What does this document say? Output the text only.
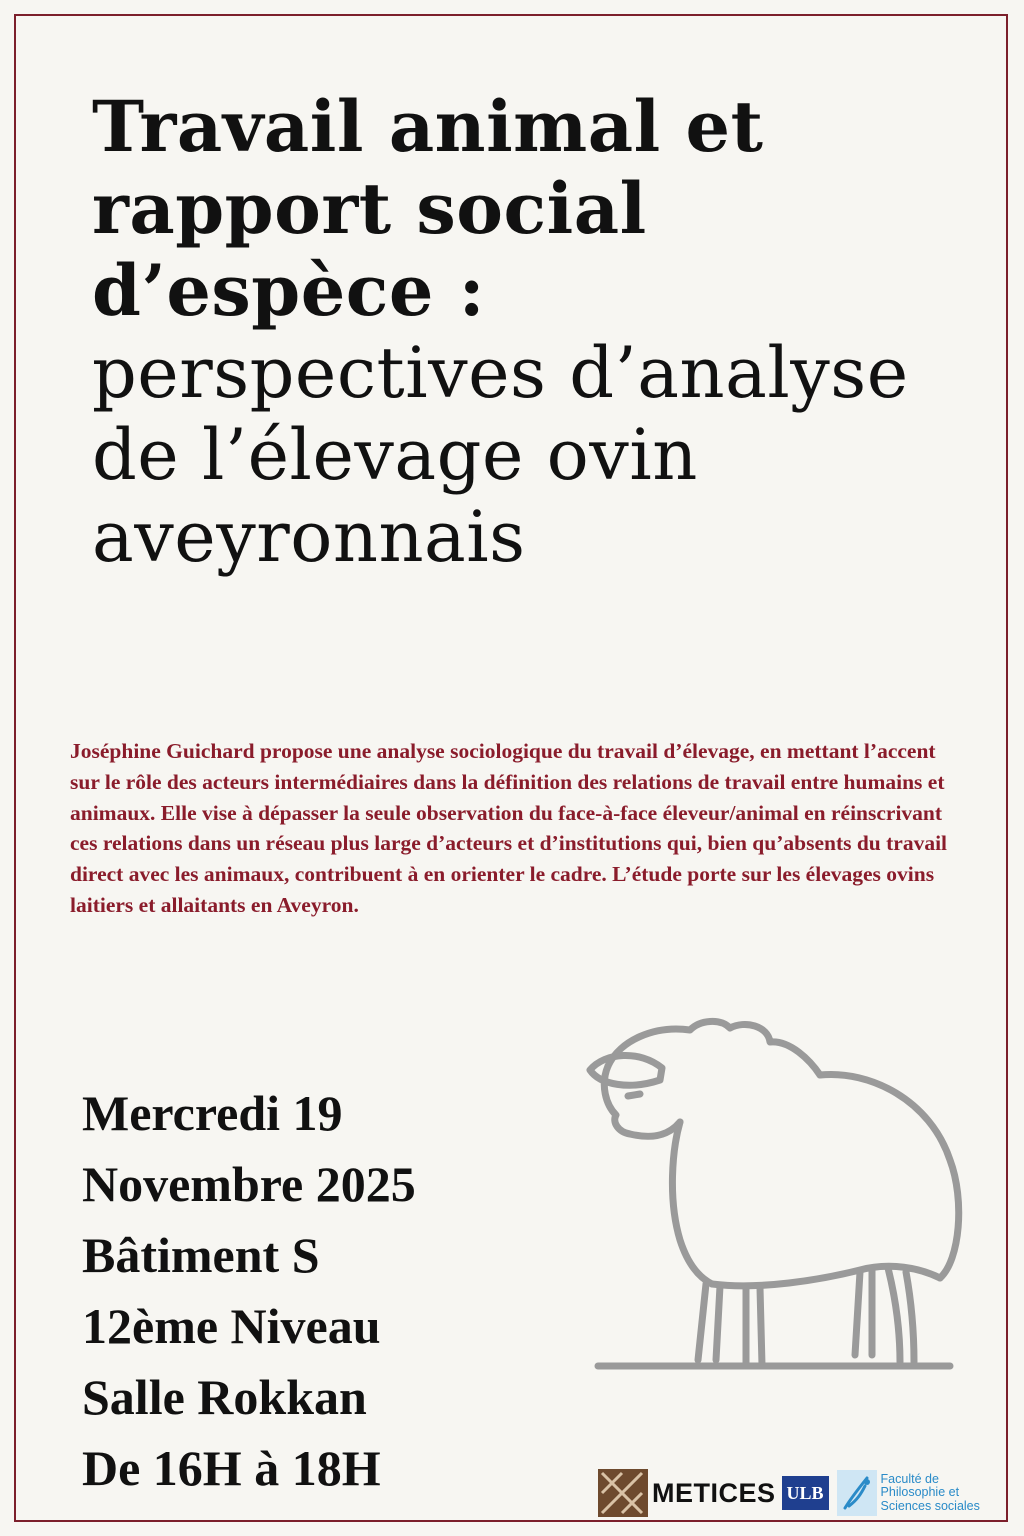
Travail animal et
rapport social
d’espèce :
perspectives d’analyse
de l’élevage ovin
aveyronnais

Joséphine Guichard propose une analyse sociologique du travail d’élevage, en mettant l’accent sur le rôle des acteurs intermédiaires dans la définition des relations de travail entre humains et animaux. Elle vise à dépasser la seule observation du face-à-face éleveur/animal en réinscrivant ces relations dans un réseau plus large d’acteurs et d’institutions qui, bien qu’absents du travail direct avec les animaux, contribuent à en orienter le cadre. L’étude porte sur les élevages ovins laitiers et allaitants en Aveyron.

Mercredi 19
Novembre 2025
Bâtiment S
12ème Niveau
Salle Rokkan
De 16H à 18H	METICES ULB
Faculté de
Philosophie et
Sciences sociales
